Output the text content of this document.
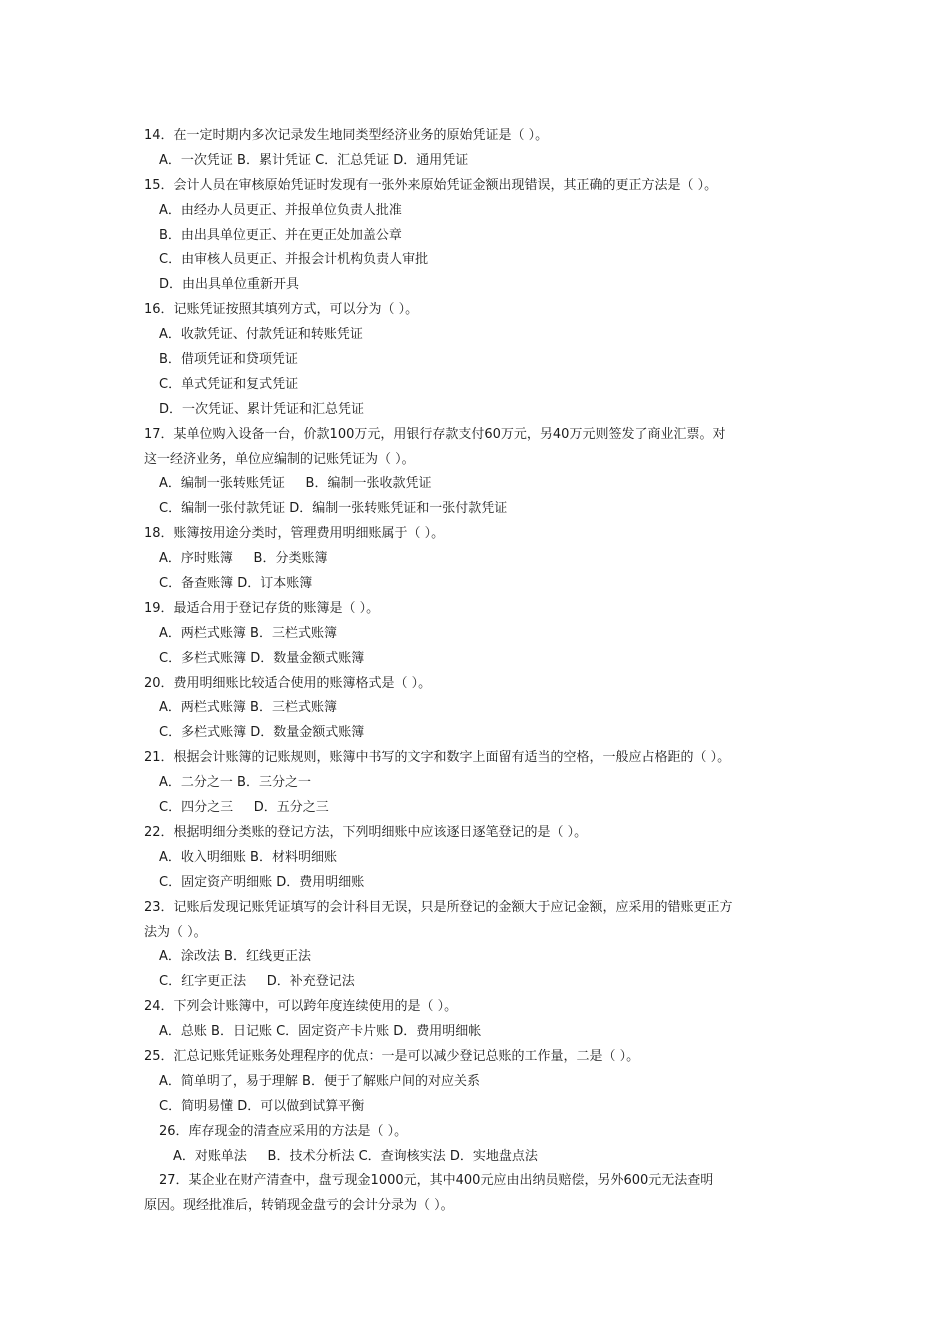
14．在一定时期内多次记录发生地同类型经济业务的原始凭证是（ ）。
A．一次凭证 B．累计凭证 C．汇总凭证 D．通用凭证
15．会计人员在审核原始凭证时发现有一张外来原始凭证金额出现错误，其正确的更正方法是（ ）。
A．由经办人员更正、并报单位负责人批准
B．由出具单位更正、并在更正处加盖公章
C．由审核人员更正、并报会计机构负责人审批
D．由出具单位重新开具
16．记账凭证按照其填列方式，可以分为（ ）。
A．收款凭证、付款凭证和转账凭证
B．借项凭证和贷项凭证
C．单式凭证和复式凭证
D．一次凭证、累计凭证和汇总凭证
17．某单位购入设备一台，价款100万元，用银行存款支付60万元，另40万元则签发了商业汇票。对
这一经济业务，单位应编制的记账凭证为（ ）。
A．编制一张转账凭证     B．编制一张收款凭证
C．编制一张付款凭证 D．编制一张转账凭证和一张付款凭证
18．账簿按用途分类时，管理费用明细账属于（ ）。
A．序时账簿     B．分类账簿
C．备查账簿 D．订本账簿
19．最适合用于登记存货的账簿是（ ）。
A．两栏式账簿 B．三栏式账簿
C．多栏式账簿 D．数量金额式账簿
20．费用明细账比较适合使用的账簿格式是（ ）。
A．两栏式账簿 B．三栏式账簿
C．多栏式账簿 D．数量金额式账簿
21．根据会计账簿的记账规则，账簿中书写的文字和数字上面留有适当的空格，一般应占格距的（ ）。
A．二分之一 B．三分之一
C．四分之三     D．五分之三
22．根据明细分类账的登记方法，下列明细账中应该逐日逐笔登记的是（ ）。
A．收入明细账 B．材料明细账
C．固定资产明细账 D．费用明细账
23．记账后发现记账凭证填写的会计科目无误，只是所登记的金额大于应记金额，应采用的错账更正方
法为（ ）。
A．涂改法 B．红线更正法
C．红字更正法     D．补充登记法
24．下列会计账簿中，可以跨年度连续使用的是（ ）。
A．总账 B．日记账 C．固定资产卡片账 D．费用明细帐
25．汇总记账凭证账务处理程序的优点：一是可以减少登记总账的工作量，二是（ ）。
A．简单明了，易于理解 B．便于了解账户间的对应关系
C．简明易懂 D．可以做到试算平衡
26．库存现金的清查应采用的方法是（ ）。
A．对账单法     B．技术分析法 C．查询核实法 D．实地盘点法
27．某企业在财产清查中，盘亏现金1000元，其中400元应由出纳员赔偿，另外600元无法查明
原因。现经批准后，转销现金盘亏的会计分录为（ ）。
